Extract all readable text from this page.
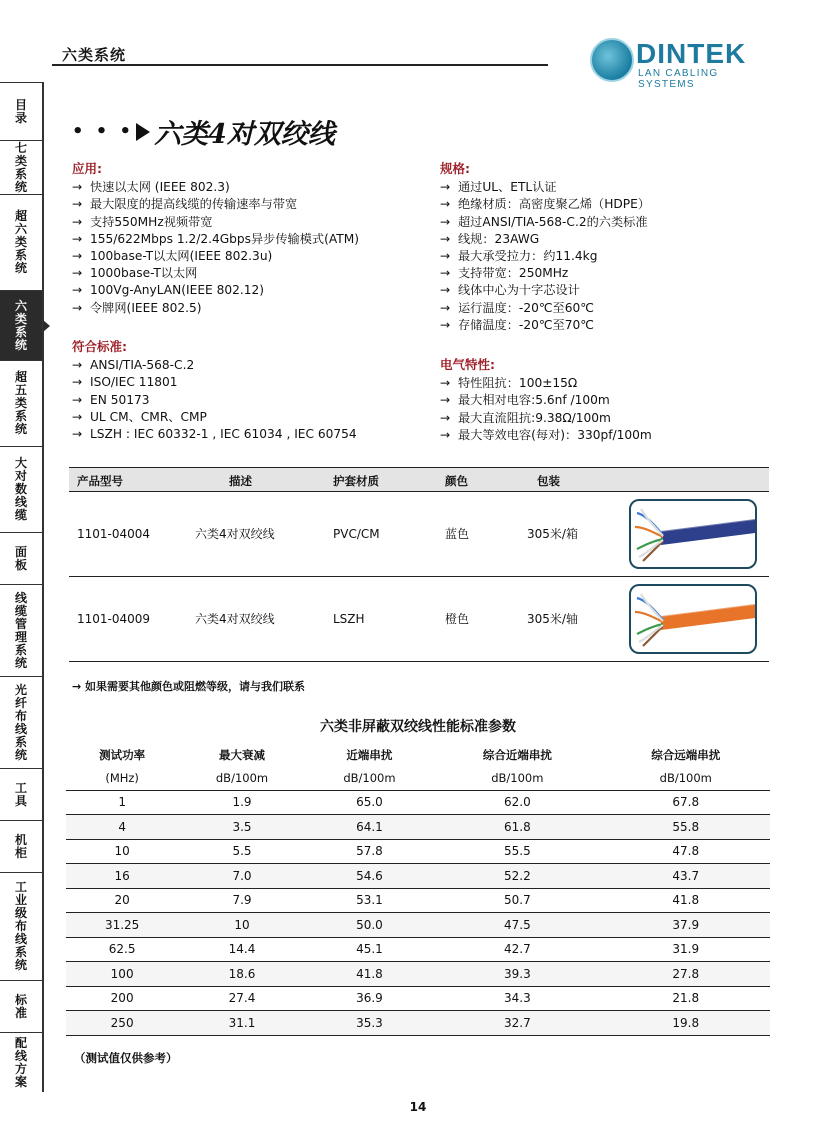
六类系统	DINTEK
LAN CABLING SYSTEMS
目录
七类系统
超六类系统
六类系统
超五类系统
大对数线缆
面板
线缆管理系统
光纤布线系统
工具
机柜
工业级布线系统
标准
配线方案
• • • 六类4对双绞线
应用:
→ 快速以太网 (IEEE 802.3)
→ 最大限度的提高线缆的传输速率与带宽
→ 支持550MHz视频带宽
→ 155/622Mbps 1.2/2.4Gbps异步传输模式(ATM)
→ 100base-T以太网(IEEE 802.3u)
→ 1000base-T以太网
→ 100Vg-AnyLAN(IEEE 802.12)
→ 令牌网(IEEE 802.5)
符合标准:
→ ANSI/TIA-568-C.2
→ ISO/IEC 11801
→ EN 50173
→ UL CM、CMR、CMP
→ LSZH : IEC 60332-1 , IEC 61034 , IEC 60754
规格:
→ 通过UL、ETL认证
→ 绝缘材质：高密度聚乙烯（HDPE）
→ 超过ANSI/TIA-568-C.2的六类标准
→ 线规：23AWG
→ 最大承受拉力：约11.4kg
→ 支持带宽：250MHz
→ 线体中心为十字芯设计
→ 运行温度：-20℃至60℃
→ 存储温度：-20℃至70℃
电气特性:
→ 特性阻抗：100±15Ω
→ 最大相对电容:5.6nf /100m
→ 最大直流阻抗:9.38Ω/100m
→ 最大等效电容(每对)：330pf/100m
产品型号	描述	护套材质	颜色	包装
1101-04004	六类4对双绞线	PVC/CM	蓝色	305米/箱
1101-04009	六类4对双绞线	LSZH	橙色	305米/轴
→ 如果需要其他颜色或阻燃等级，请与我们联系
六类非屏蔽双绞线性能标准参数
测试功率	最大衰减	近端串扰	综合近端串扰	综合远端串扰
(MHz)	dB/100m	dB/100m	dB/100m	dB/100m
1	1.9	65.0	62.0	67.8
4	3.5	64.1	61.8	55.8
10	5.5	57.8	55.5	47.8
16	7.0	54.6	52.2	43.7
20	7.9	53.1	50.7	41.8
31.25	10	50.0	47.5	37.9
62.5	14.4	45.1	42.7	31.9
100	18.6	41.8	39.3	27.8
200	27.4	36.9	34.3	21.8
250	31.1	35.3	32.7	19.8
（测试值仅供参考）
14
